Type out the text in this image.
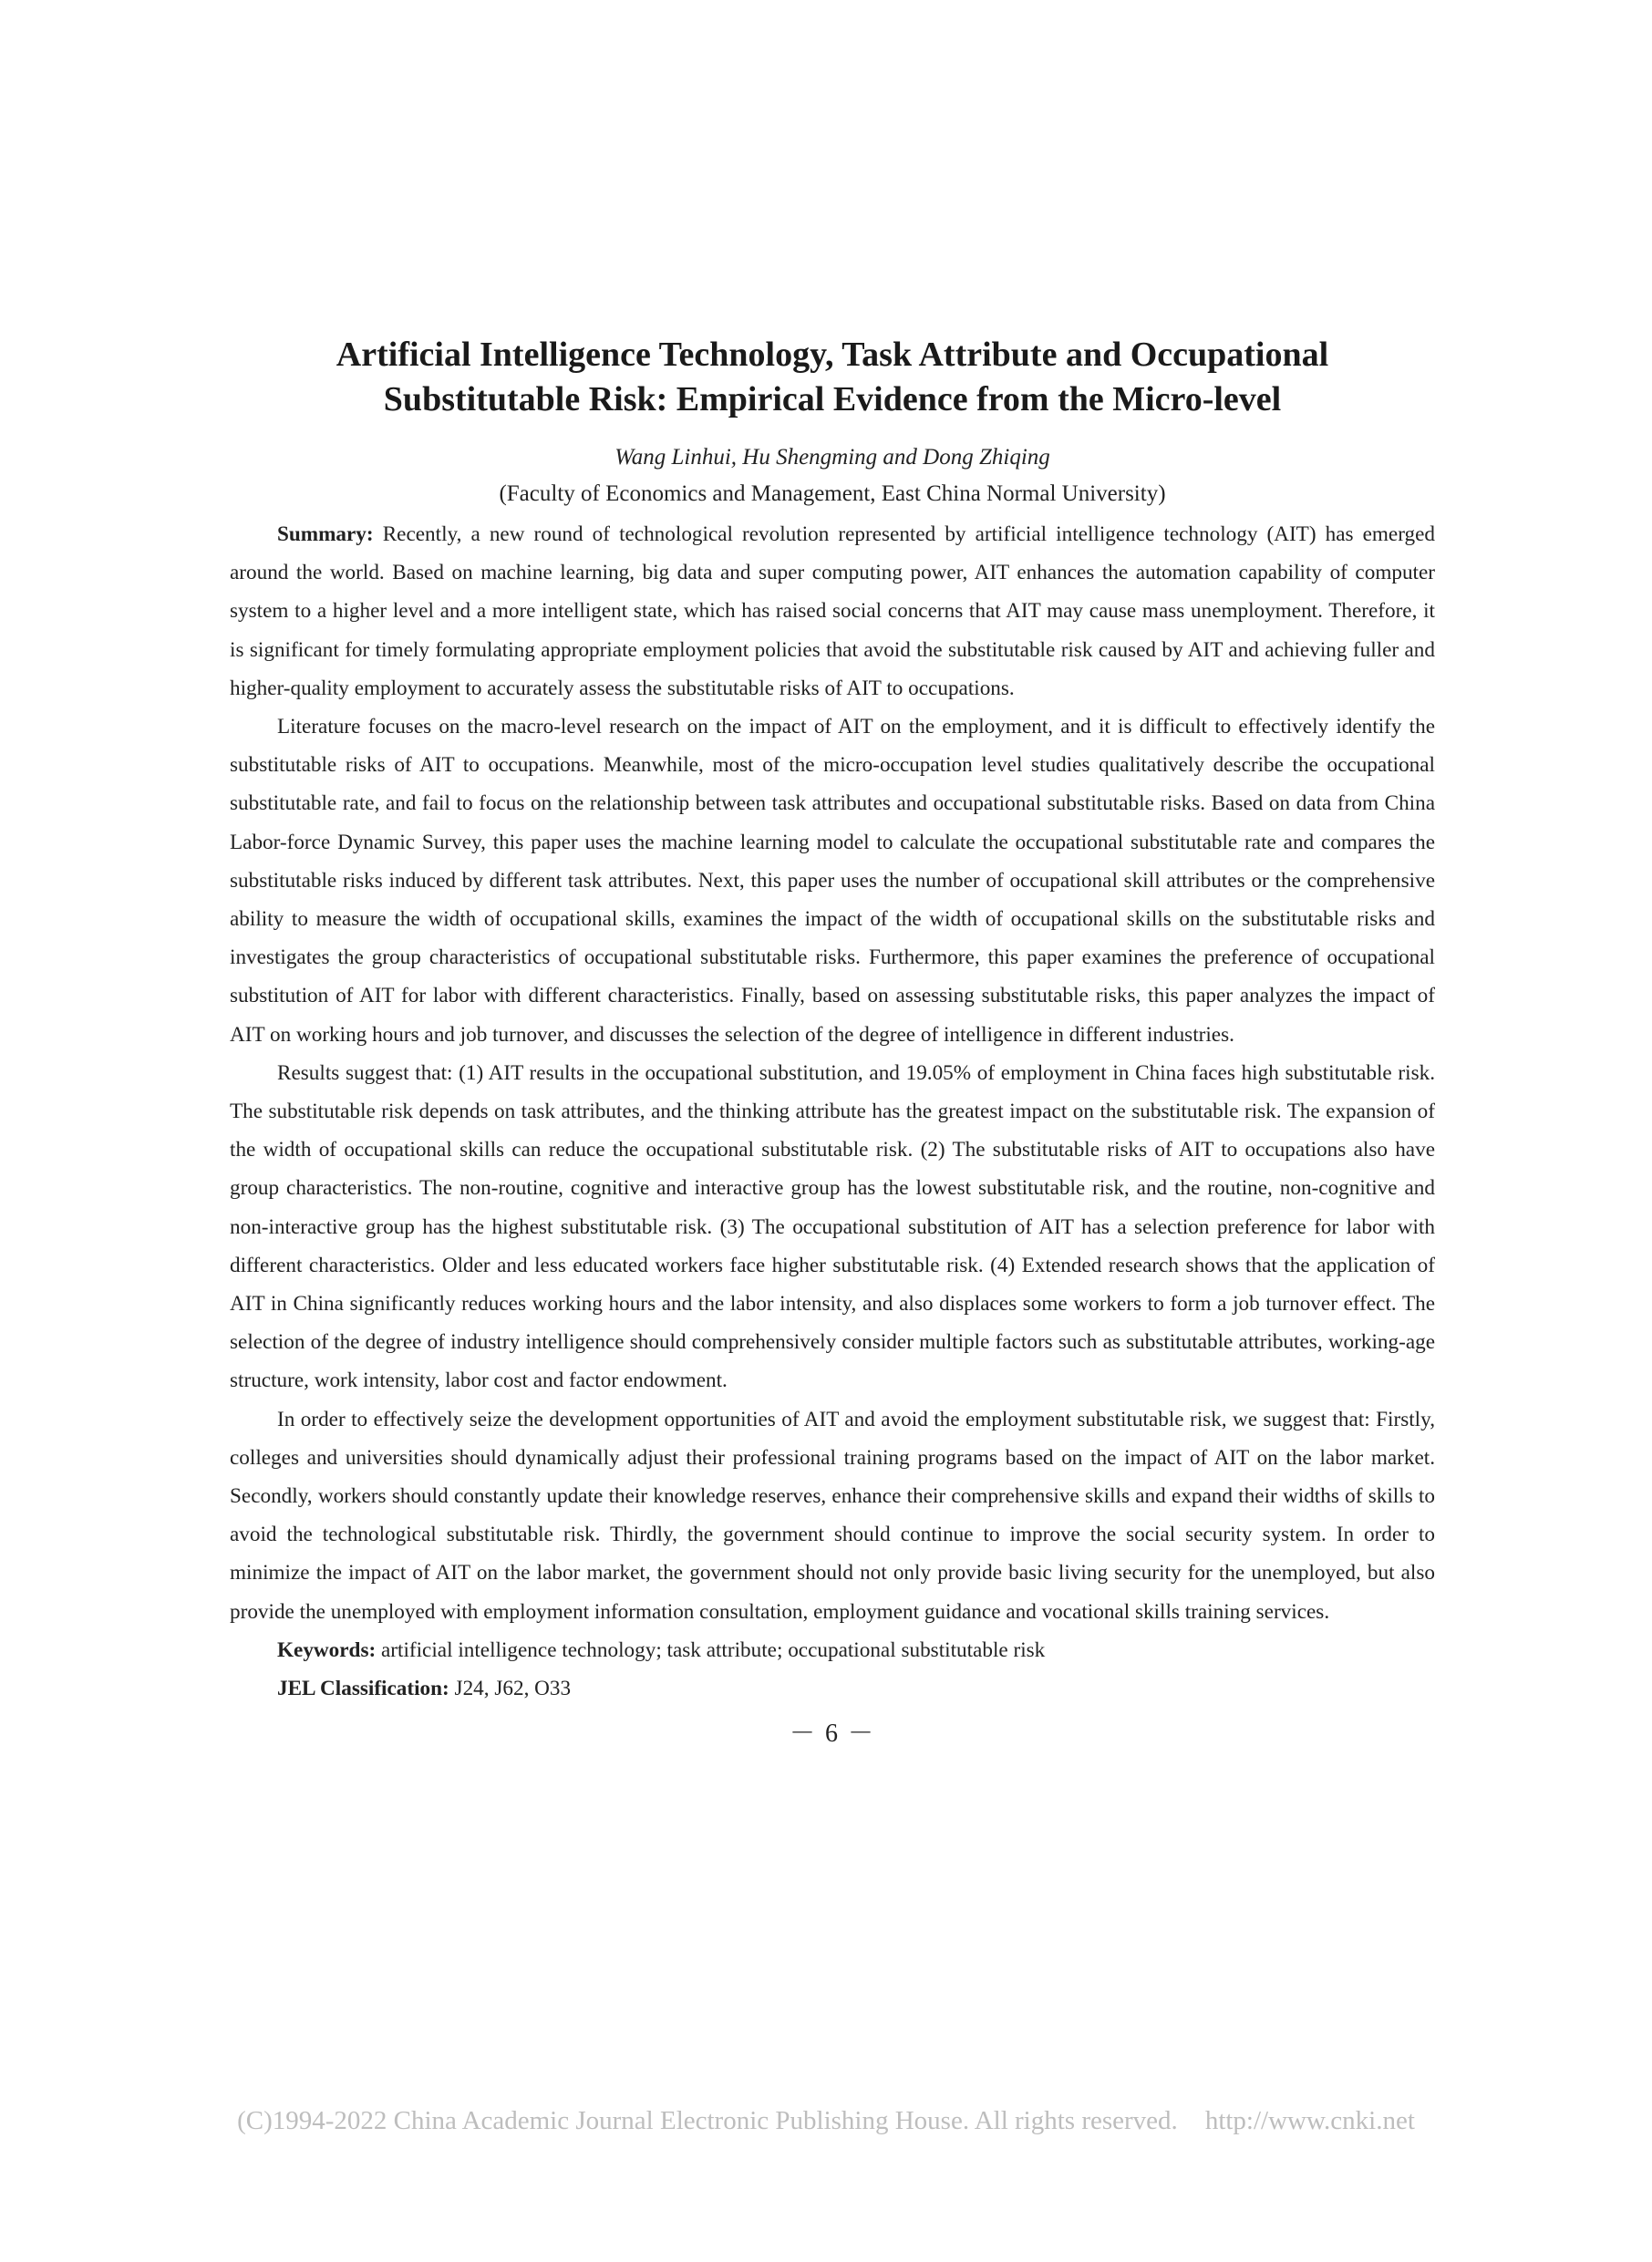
Artificial Intelligence Technology, Task Attribute and Occupational
Substitutable Risk: Empirical Evidence from the Micro-level
Wang Linhui, Hu Shengming and Dong Zhiqing
(Faculty of Economics and Management, East China Normal University)

Summary: Recently, a new round of technological revolution represented by artificial intelligence technology (AIT) has emerged around the world. Based on machine learning, big data and super computing power, AIT enhances the automation capability of computer system to a higher level and a more intelligent state, which has raised social concerns that AIT may cause mass unemployment. Therefore, it is significant for timely formulating appropriate employment policies that avoid the substitutable risk caused by AIT and achieving fuller and higher-quality employment to accurately assess the substitutable risks of AIT to occupations.

Literature focuses on the macro-level research on the impact of AIT on the employment, and it is difficult to effectively identify the substitutable risks of AIT to occupations. Meanwhile, most of the micro-occupation level studies qualitatively describe the occupational substitutable rate, and fail to focus on the relationship between task attributes and occupational substitutable risks. Based on data from China Labor-force Dynamic Survey, this paper uses the machine learning model to calculate the occupational substitutable rate and compares the substitutable risks induced by different task attributes. Next, this paper uses the number of occupational skill attributes or the comprehensive ability to measure the width of occupational skills, examines the impact of the width of occupational skills on the substitutable risks and investigates the group characteristics of occupational substitutable risks. Furthermore, this paper examines the preference of occupational substitution of AIT for labor with different characteristics. Finally, based on assessing substitutable risks, this paper analyzes the impact of AIT on working hours and job turnover, and discusses the selection of the degree of intelligence in different industries.

Results suggest that: (1) AIT results in the occupational substitution, and 19.05% of employment in China faces high substitutable risk. The substitutable risk depends on task attributes, and the thinking attribute has the greatest impact on the substitutable risk. The expansion of the width of occupational skills can reduce the occupational substitutable risk. (2) The substitutable risks of AIT to occupations also have group characteristics. The non-routine, cognitive and interactive group has the lowest substitutable risk, and the routine, non-cognitive and non-interactive group has the highest substitutable risk. (3) The occupational substitution of AIT has a selection preference for labor with different characteristics. Older and less educated workers face higher substitutable risk. (4) Extended research shows that the application of AIT in China significantly reduces working hours and the labor intensity, and also displaces some workers to form a job turnover effect. The selection of the degree of industry intelligence should comprehensively consider multiple factors such as substitutable attributes, working-age structure, work intensity, labor cost and factor endowment.

In order to effectively seize the development opportunities of AIT and avoid the employment substitutable risk, we suggest that: Firstly, colleges and universities should dynamically adjust their professional training programs based on the impact of AIT on the labor market. Secondly, workers should constantly update their knowledge reserves, enhance their comprehensive skills and expand their widths of skills to avoid the technological substitutable risk. Thirdly, the government should continue to improve the social security system. In order to minimize the impact of AIT on the labor market, the government should not only provide basic living security for the unemployed, but also provide the unemployed with employment information consultation, employment guidance and vocational skills training services.

Keywords: artificial intelligence technology; task attribute; occupational substitutable risk

JEL Classification: J24, J62, O33

－ 6 －
(C)1994-2022 China Academic Journal Electronic Publishing House. All rights reserved. http://www.cnki.net
